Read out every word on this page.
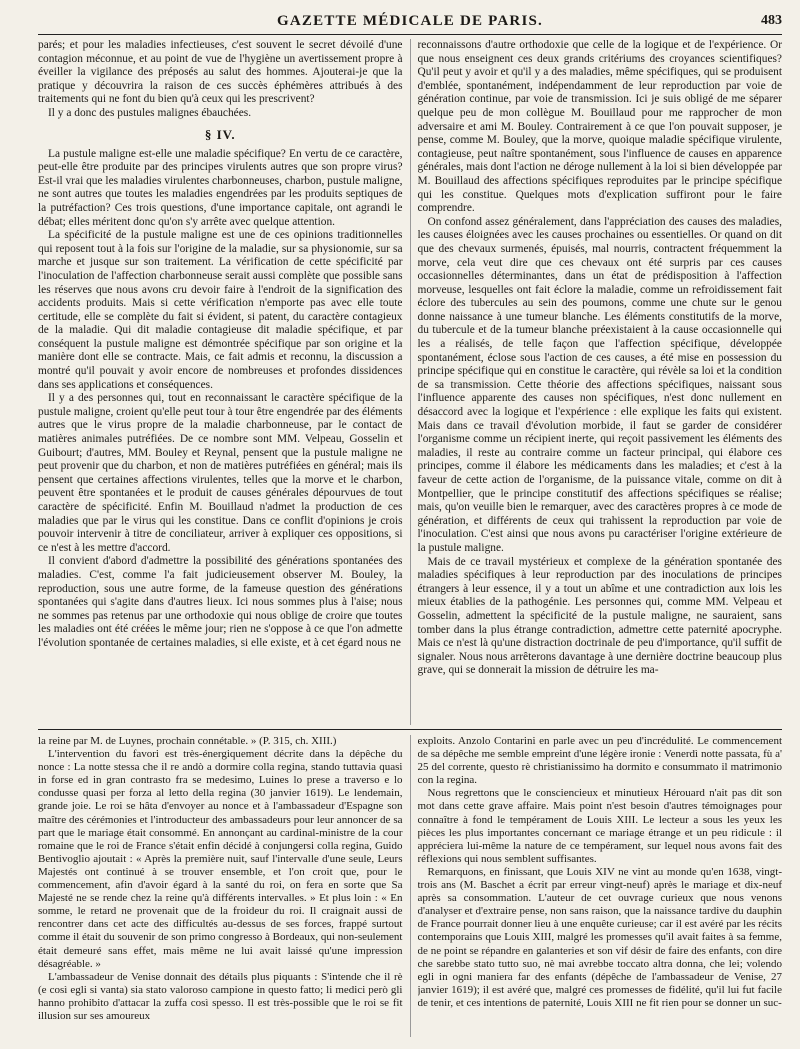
GAZETTE MÉDICALE DE PARIS.	483

parés; et pour les maladies infectieuses, c'est souvent le secret dévoilé d'une contagion méconnue, et au point de vue de l'hygiène un avertissement propre à éveiller la vigilance des préposés au salut des hommes. Ajouterai-je que la pratique y découvrira la raison de ces succès éphémères attribués à des traitements qui ne font du bien qu'à ceux qui les prescrivent?

Il y a donc des pustules malignes ébauchées.

§ IV.

La pustule maligne est-elle une maladie spécifique? En vertu de ce caractère, peut-elle être produite par des principes virulents autres que son propre virus? Est-il vrai que les maladies virulentes charbonneuses, charbon, pustule maligne, ne sont autres que toutes les maladies engendrées par les produits septiques de la putréfaction? Ces trois questions, d'une importance capitale, ont agrandi le débat; elles méritent donc qu'on s'y arrête avec quelque attention.

La spécificité de la pustule maligne est une de ces opinions traditionnelles qui reposent tout à la fois sur l'origine de la maladie, sur sa physionomie, sur sa marche et jusque sur son traitement. La vérification de cette spécificité par l'inoculation de l'affection charbonneuse serait aussi complète que possible sans les réserves que nous avons cru devoir faire à l'endroit de la signification des accidents produits. Mais si cette vérification n'emporte pas avec elle toute certitude, elle se complète du fait si évident, si patent, du caractère contagieux de la maladie. Qui dit maladie contagieuse dit maladie spécifique, et par conséquent la pustule maligne est démontrée spécifique par son origine et la manière dont elle se contracte. Mais, ce fait admis et reconnu, la discussion a montré qu'il pouvait y avoir encore de nombreuses et profondes dissidences dans ses applications et conséquences.

Il y a des personnes qui, tout en reconnaissant le caractère spécifique de la pustule maligne, croient qu'elle peut tour à tour être engendrée par des éléments autres que le virus propre de la maladie charbonneuse, par le contact de matières animales putréfiées. De ce nombre sont MM. Velpeau, Gosselin et Guibourt; d'autres, MM. Bouley et Reynal, pensent que la pustule maligne ne peut provenir que du charbon, et non de matières putréfiées en général; mais ils pensent que certaines affections virulentes, telles que la morve et le charbon, peuvent être spontanées et le produit de causes générales dépourvues de tout caractère de spécificité. Enfin M. Bouillaud n'admet la production de ces maladies que par le virus qui les constitue. Dans ce conflit d'opinions je crois pouvoir intervenir à titre de conciliateur, arriver à expliquer ces oppositions, si ce n'est à les mettre d'accord.

Il convient d'abord d'admettre la possibilité des générations spontanées des maladies. C'est, comme l'a fait judicieusement observer M. Bouley, la reproduction, sous une autre forme, de la fameuse question des générations spontanées qui s'agite dans d'autres lieux. Ici nous sommes plus à l'aise; nous ne sommes pas retenus par une orthodoxie qui nous oblige de croire que toutes les maladies ont été créées le même jour; rien ne s'oppose à ce que l'on admette l'évolution spontanée de certaines maladies, si elle existe, et à cet égard nous ne

reconnaissons d'autre orthodoxie que celle de la logique et de l'expérience. Or que nous enseignent ces deux grands critériums des croyances scientifiques? Qu'il peut y avoir et qu'il y a des maladies, même spécifiques, qui se produisent d'emblée, spontanément, indépendamment de leur reproduction par voie de génération continue, par voie de transmission. Ici je suis obligé de me séparer quelque peu de mon collègue M. Bouillaud pour me rapprocher de mon adversaire et ami M. Bouley. Contrairement à ce que l'on pouvait supposer, je pense, comme M. Bouley, que la morve, quoique maladie spécifique virulente, contagieuse, peut naître spontanément, sous l'influence de causes en apparence générales, mais dont l'action ne déroge nullement à la loi si bien développée par M. Bouillaud des affections spécifiques reproduites par le principe spécifique qui les constitue. Quelques mots d'explication suffiront pour le faire comprendre.

On confond assez généralement, dans l'appréciation des causes des maladies, les causes éloignées avec les causes prochaines ou essentielles. Or quand on dit que des chevaux surmenés, épuisés, mal nourris, contractent fréquemment la morve, cela veut dire que ces chevaux ont été surpris par ces causes occasionnelles déterminantes, dans un état de prédisposition à l'affection morveuse, lesquelles ont fait éclore la maladie, comme un refroidissement fait éclore des tubercules au sein des poumons, comme une chute sur le genou donne naissance à une tumeur blanche. Les éléments constitutifs de la morve, du tubercule et de la tumeur blanche préexistaient à la cause occasionnelle qui les a réalisés, de telle façon que l'affection spécifique, développée spontanément, éclose sous l'action de ces causes, a été mise en possession du principe spécifique qui en constitue le caractère, qui révèle sa loi et la condition de sa transmission. Cette théorie des affections spécifiques, naissant sous l'influence apparente des causes non spécifiques, n'est donc nullement en désaccord avec la logique et l'expérience : elle explique les faits qui existent. Mais dans ce travail d'évolution morbide, il faut se garder de considérer l'organisme comme un récipient inerte, qui reçoit passivement les éléments des maladies, il reste au contraire comme un facteur principal, qui élabore ces principes, comme il élabore les médicaments dans les maladies; et c'est à la faveur de cette action de l'organisme, de la puissance vitale, comme on dit à Montpellier, que le principe constitutif des affections spécifiques se réalise; mais, qu'on veuille bien le remarquer, avec des caractères propres à ce mode de génération, et différents de ceux qui trahissent la reproduction par voie de l'inoculation. C'est ainsi que nous avons pu caractériser l'origine extérieure de la pustule maligne.

Mais de ce travail mystérieux et complexe de la génération spontanée des maladies spécifiques à leur reproduction par des inoculations de principes étrangers à leur essence, il y a tout un abîme et une contradiction aux lois les mieux établies de la pathogénie. Les personnes qui, comme MM. Velpeau et Gosselin, admettent la spécificité de la pustule maligne, ne sauraient, sans tomber dans la plus étrange contradiction, admettre cette paternité apocryphe. Mais ce n'est là qu'une distraction doctrinale de peu d'importance, qu'il suffit de signaler. Nous nous arrêterons davantage à une dernière doctrine beaucoup plus grave, qui se donnerait la mission de détruire les ma-

la reine par M. de Luynes, prochain connétable. » (P. 315, ch. XIII.)

L'intervention du favori est très-énergiquement décrite dans la dépêche du nonce : La notte stessa che il re andò a dormire colla regina, stando tuttavia quasi in forse ed in gran contrasto fra se medesimo, Luines lo prese a traverso e lo condusse quasi per forza al letto della regina (30 janvier 1619). Le lendemain, grande joie. Le roi se hâta d'envoyer au nonce et à l'ambassadeur d'Espagne son maître des cérémonies et l'introducteur des ambassadeurs pour leur annoncer de sa part que le mariage était consommé. En annonçant au cardinal-ministre de la cour romaine que le roi de France s'était enfin décidé à conjungersi colla regina, Guido Bentivoglio ajoutait : « Après la première nuit, sauf l'intervalle d'une seule, Leurs Majestés ont continué à se trouver ensemble, et l'on croit que, pour le commencement, afin d'avoir égard à la santé du roi, on fera en sorte que Sa Majesté ne se rende chez la reine qu'à différents intervalles. » Et plus loin : « En somme, le retard ne provenait que de la froideur du roi. Il craignait aussi de rencontrer dans cet acte des difficultés au-dessus de ses forces, frappé surtout comme il était du souvenir de son primo congresso à Bordeaux, qui non-seulement était demeuré sans effet, mais même ne lui avait laissé qu'une impression désagréable. »

L'ambassadeur de Venise donnait des détails plus piquants : S'intende che il rè (e così egli si vanta) sia stato valoroso campione in questo fatto; li medici però gli hanno prohibito d'attacar la zuffa così spesso. Il est très-possible que le roi se fit illusion sur ses amoureux

exploits. Anzolo Contarini en parle avec un peu d'incrédulité. Le commencement de sa dépêche me semble empreint d'une légère ironie : Venerdì notte passata, fù a' 25 del corrente, questo rè christianissimo ha dormito e consummato il matrimonio con la regina.

Nous regrettons que le consciencieux et minutieux Hérouard n'ait pas dit son mot dans cette grave affaire. Mais point n'est besoin d'autres témoignages pour connaître à fond le tempérament de Louis XIII. Le lecteur a sous les yeux les pièces les plus importantes concernant ce mariage étrange et un peu ridicule : il appréciera lui-même la nature de ce tempérament, sur lequel nous avons fait des réflexions qui nous semblent suffisantes.

Remarquons, en finissant, que Louis XIV ne vint au monde qu'en 1638, vingt-trois ans (M. Baschet a écrit par erreur vingt-neuf) après le mariage et dix-neuf après sa consommation. L'auteur de cet ouvrage curieux que nous venons d'analyser et d'extraire pense, non sans raison, que la naissance tardive du dauphin de France pourrait donner lieu à une enquête curieuse; car il est avéré par les récits contemporains que Louis XIII, malgré les promesses qu'il avait faites à sa femme, de ne point se répandre en galanteries et son vif désir de faire des enfants, con dire che sarebbe stato tutto suo, nè mai avrebbe toccato altra donna, che lei; volendo egli in ogni maniera far des enfants (dépêche de l'ambassadeur de Venise, 27 janvier 1619); il est avéré que, malgré ces promesses de fidélité, qu'il lui fut facile de tenir, et ces intentions de paternité, Louis XIII ne fit rien pour se donner un suc-
